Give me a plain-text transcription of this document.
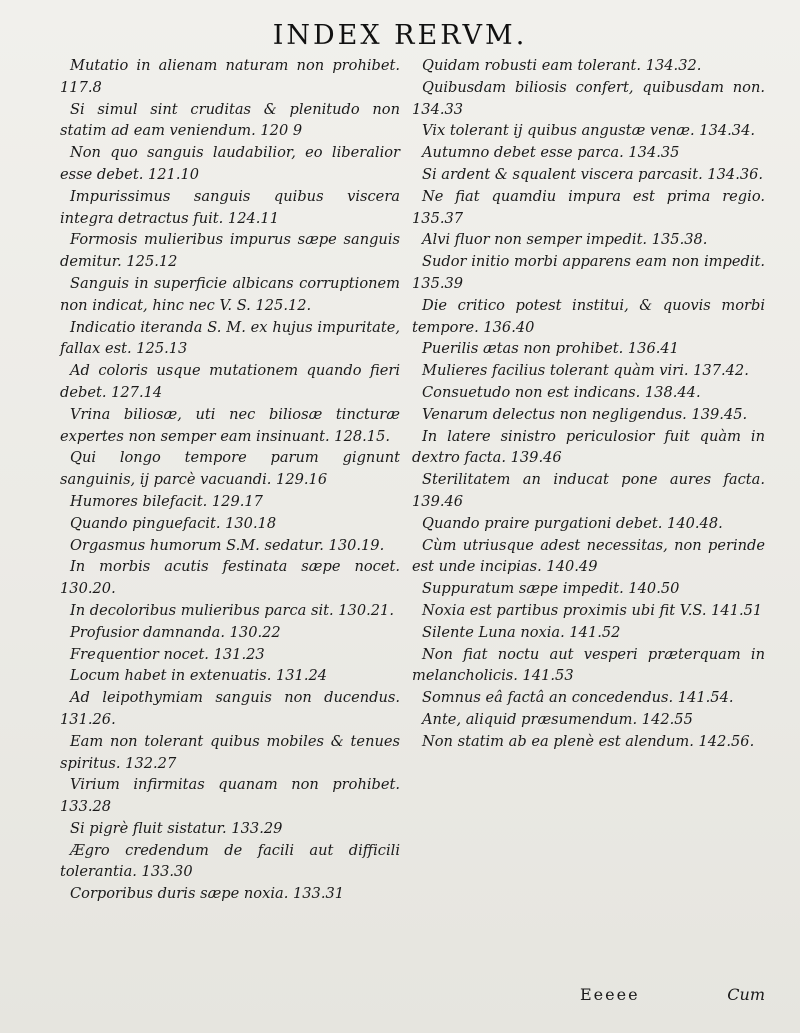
INDEX RERVM.

Mutatio in alienam naturam non prohibet. 117.8

Si simul sint cruditas & plenitudo non statim ad eam veniendum. 120 9

Non quo sanguis laudabilior, eo liberalior esse debet. 121.10

Impurissimus sanguis quibus viscera integra detractus fuit. 124.11

Formosis mulieribus impurus sæpe sanguis demitur. 125.12

Sanguis in superficie albicans corruptionem non indicat, hinc nec V. S. 125.12.

Indicatio iteranda S. M. ex hujus impuritate, fallax est. 125.13

Ad coloris usque mutationem quando fieri debet. 127.14

Vrina biliosæ, uti nec biliosæ tincturæ expertes non semper eam insinuant. 128.15.

Qui longo tempore parum gignunt sanguinis, ij parcè vacuandi. 129.16

Humores bilefacit. 129.17

Quando pinguefacit. 130.18

Orgasmus humorum S.M. sedatur. 130.19.

In morbis acutis festinata sæpe nocet. 130.20.

In decoloribus mulieribus parca sit. 130.21.

Profusior damnanda. 130.22

Frequentior nocet. 131.23

Locum habet in extenuatis. 131.24

Ad leipothymiam sanguis non ducendus. 131.26.

Eam non tolerant quibus mobiles & tenues spiritus. 132.27

Virium infirmitas quanam non prohibet. 133.28

Si pigrè fluit sistatur. 133.29

Ægro credendum de facili aut difficili tolerantia. 133.30

Corporibus duris sæpe noxia. 133.31

Quidam robusti eam tolerant. 134.32.

Quibusdam biliosis confert, quibusdam non. 134.33

Vix tolerant ij quibus angustæ venæ. 134.34.

Autumno debet esse parca. 134.35

Si ardent & squalent viscera parcasit. 134.36.

Ne fiat quamdiu impura est prima regio. 135.37

Alvi fluor non semper impedit. 135.38.

Sudor initio morbi apparens eam non impedit. 135.39

Die critico potest institui, & quovis morbi tempore. 136.40

Puerilis ætas non prohibet. 136.41

Mulieres facilius tolerant quàm viri. 137.42.

Consuetudo non est indicans. 138.44.

Venarum delectus non negligendus. 139.45.

In latere sinistro periculosior fuit quàm in dextro facta. 139.46

Sterilitatem an inducat pone aures facta. 139.46

Quando praire purgationi debet. 140.48.

Cùm utriusque adest necessitas, non perinde est unde incipias. 140.49

Suppuratum sæpe impedit. 140.50

Noxia est partibus proximis ubi fit V.S. 141.51

Silente Luna noxia. 141.52

Non fiat noctu aut vesperi præterquam in melancholicis. 141.53

Somnus eâ factâ an concedendus. 141.54.

Ante, aliquid præsumendum. 142.55

Non statim ab ea plenè est alendum. 142.56.

Eeeee	Cum
